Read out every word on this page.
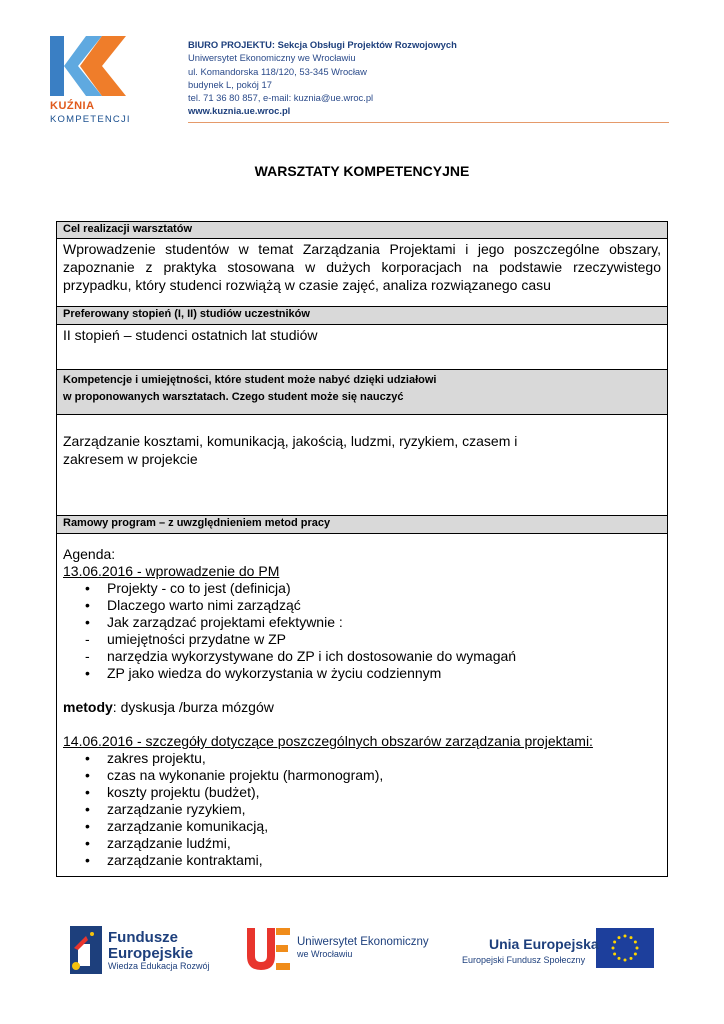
KUŹNIA
KOMPETENCJI
BIURO PROJEKTU: Sekcja Obsługi Projektów Rozwojowych
Uniwersytet Ekonomiczny we Wrocławiu
ul. Komandorska 118/120, 53-345 Wrocław
budynek L, pokój 17
tel. 71 36 80 857, e-mail: kuznia@ue.wroc.pl
www.kuznia.ue.wroc.pl
WARSZTATY KOMPETENCYJNE
Cel realizacji warsztatów
Wprowadzenie studentów w temat Zarządzania Projektami i jego poszczególne obszary, zapoznanie z praktyka stosowana w dużych korporacjach na podstawie rzeczywistego przypadku, który studenci rozwiążą w czasie zajęć, analiza rozwiązanego casu
Preferowany stopień (I, II) studiów uczestników
II stopień – studenci ostatnich lat studiów
Kompetencje i umiejętności, które student może nabyć dzięki udziałowi
w proponowanych warsztatach. Czego student może się nauczyć
Zarządzanie kosztami, komunikacją, jakością, ludzmi, ryzykiem, czasem i
zakresem w projekcie
Ramowy program – z uwzględnieniem metod pracy
Agenda:
13.06.2016 - wprowadzenie do PM
• Projekty - co to jest (definicja)
• Dlaczego warto nimi zarządząć
• Jak zarządzać projektami efektywnie :
- umiejętności przydatne w ZP
- narzędzia wykorzystywane do ZP i ich dostosowanie do wymagań
• ZP jako wiedza do wykorzystania w życiu codziennym
metody: dyskusja /burza mózgów
14.06.2016 - szczegóły dotyczące poszczególnych obszarów zarządzania projektami:
• zakres projektu,
• czas na wykonanie projektu (harmonogram),
• koszty projektu (budżet),
• zarządzanie ryzykiem,
• zarządzanie komunikacją,
• zarządzanie ludźmi,
• zarządzanie kontraktami,
Fundusze
Europejskie
Wiedza Edukacja Rozwój
Uniwersytet Ekonomiczny
we Wrocławiu
Unia Europejska
Europejski Fundusz Społeczny
